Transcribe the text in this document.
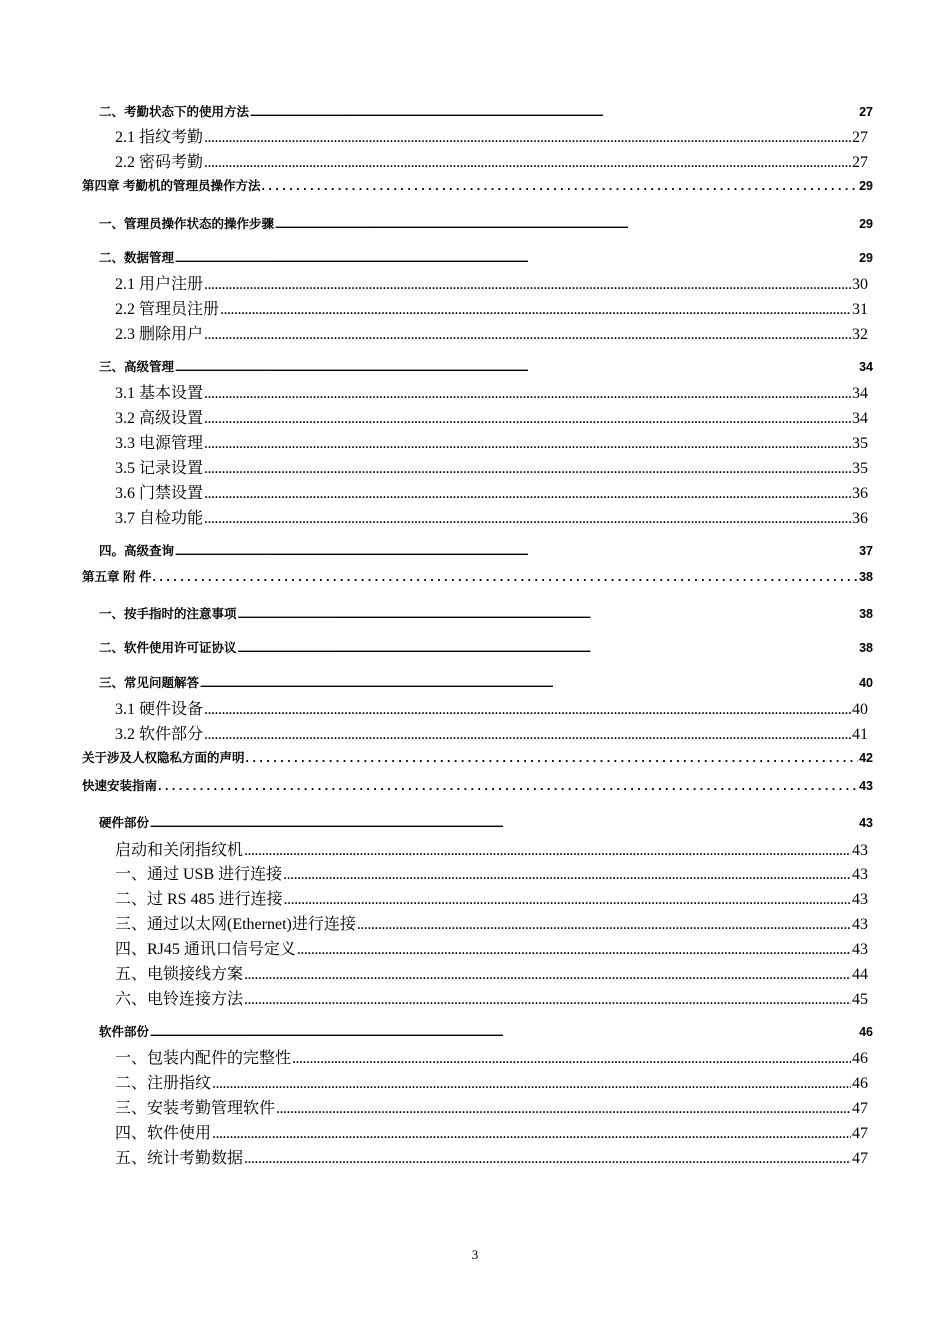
二、考勤状态下的使用方法 .....	27
2.1 指纹考勤 .....	27
2.2 密码考勤 .....	27
第四章 考勤机的管理员操作方法 . . .	29
一、管理员操作状态的操作步骤 .....	29
二、数据管理 .....	29
2.1 用户注册 .....	30
2.2 管理员注册 .....	31
2.3 删除用户 .....	32
三、高级管理 .....	34
3.1 基本设置 .....	34
3.2 高级设置 .....	34
3.3 电源管理 .....	35
3.5 记录设置 .....	35
3.6 门禁设置 .....	36
3.7 自检功能 .....	36
四。高级查询 .....	37
第五章 附 件 . . .	38
一、按手指时的注意事项 .....	38
二、软件使用许可证协议 .....	38
三、常见问题解答 .....	40
3.1 硬件设备 .....	40
3.2 软件部分 .....	41
关于涉及人权隐私方面的声明 . . .	42
快速安装指南 . . .	43
硬件部份 .....	43
启动和关闭指纹机 .....	43
一、通过 USB 进行连接 .....	43
二、过 RS 485 进行连接 .....	43
三、通过以太网(Ethernet)进行连接 .....	43
四、RJ45 通讯口信号定义 .....	43
五、电锁接线方案 .....	44
六、电铃连接方法 .....	45
软件部份 .....	46
一、包装内配件的完整性 .....	46
二、注册指纹 .....	46
三、安装考勤管理软件 .....	47
四、软件使用 .....	47
五、统计考勤数据 .....	47
3
